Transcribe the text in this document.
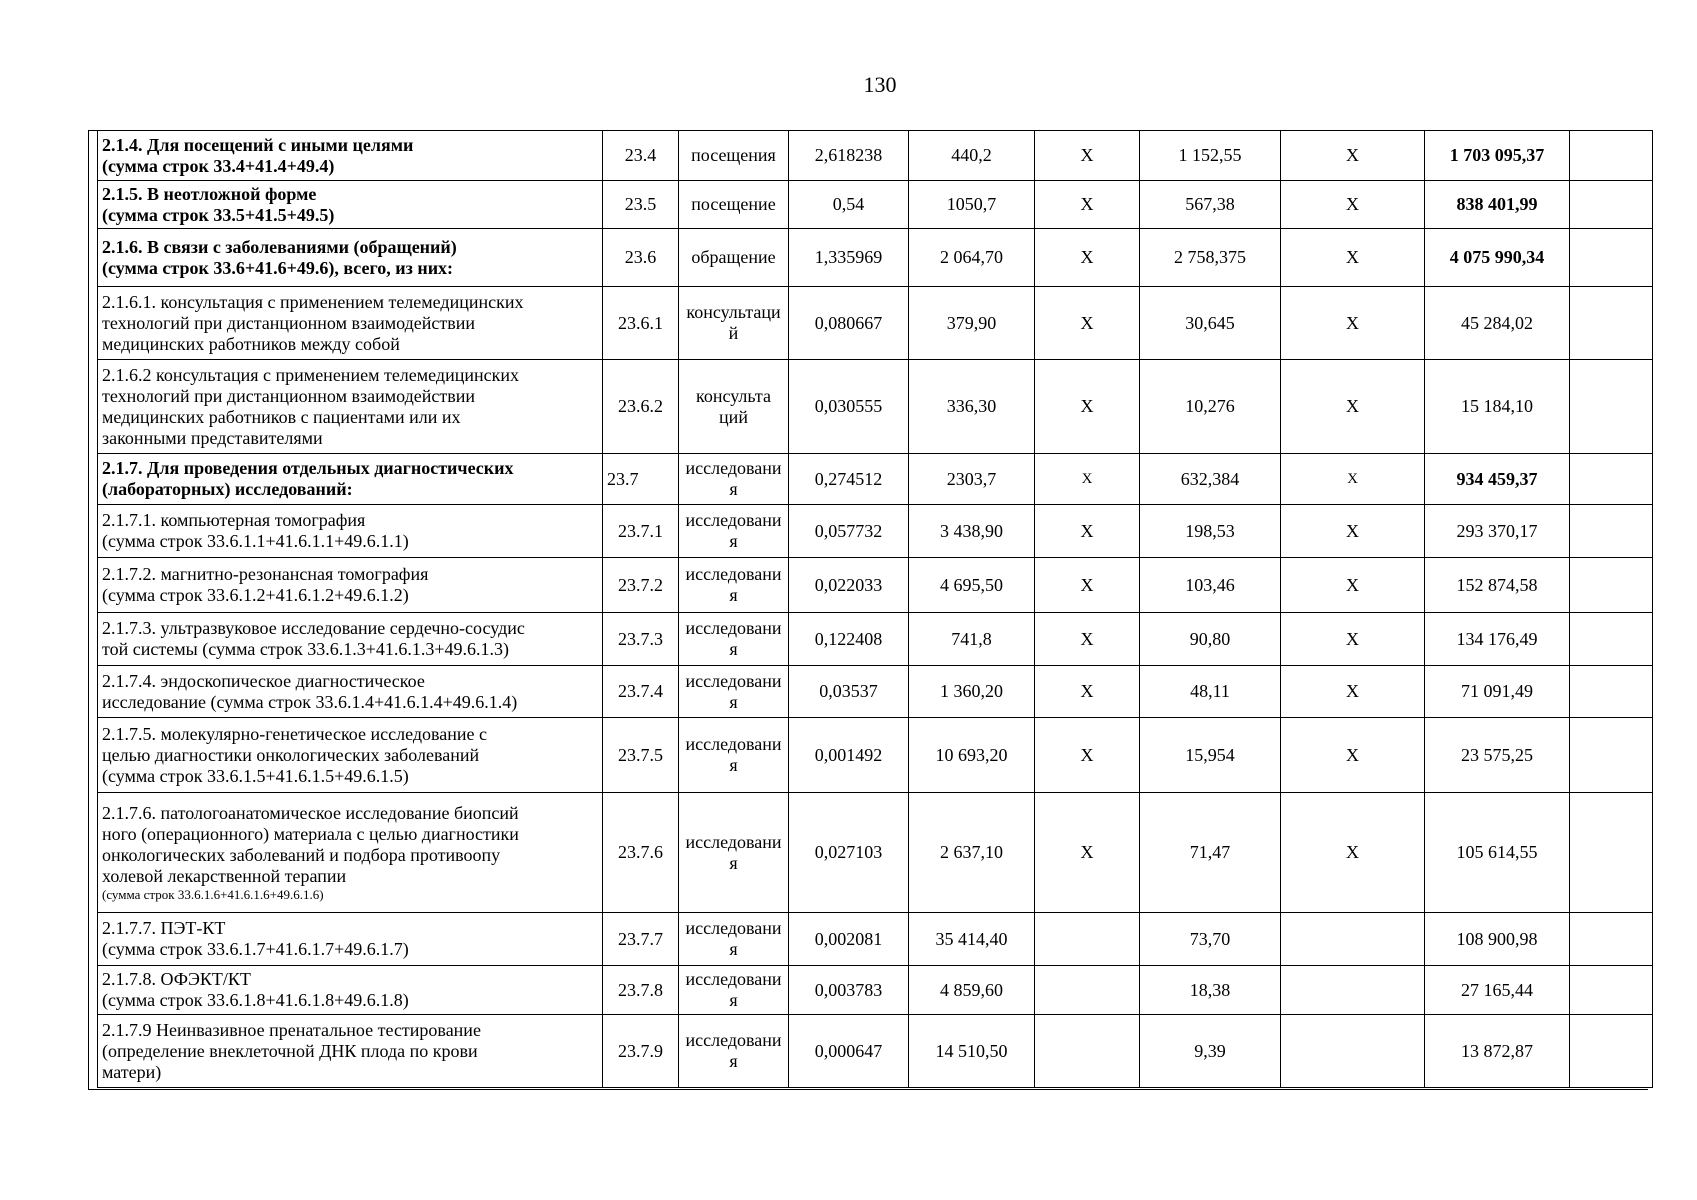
130
2.1.4. Для посещений с иными целями
(сумма строк 33.4+41.4+49.4)	23.4	посещения	2,618238	440,2	X	1 152,55	X	1 703 095,37	

2.1.5. В неотложной форме
(сумма строк 33.5+41.5+49.5)	23.5	посещение	0,54	1050,7	X	567,38	X	838 401,99	

2.1.6. В связи с заболеваниями (обращений)
(сумма строк 33.6+41.6+49.6), всего, из них:	23.6	обращение	1,335969	2 064,70	X	2 758,375	X	4 075 990,34	

2.1.6.1. консультация с применением телемедицинских
технологий при дистанционном взаимодействии
медицинских работников между собой	23.6.1	консультаци й	0,080667	379,90	X	30,645	X	45 284,02	

2.1.6.2 консультация с применением телемедицинских
технологий при дистанционном взаимодействии
медицинских работников с пациентами или их
законными представителями	23.6.2	консульта ций	0,030555	336,30	X	10,276	X	15 184,10	

2.1.7. Для проведения отдельных диагностических
(лабораторных) исследований:	23.7	исследовани я	0,274512	2303,7	X	632,384	X	934 459,37	

2.1.7.1. компьютерная томография
(сумма строк 33.6.1.1+41.6.1.1+49.6.1.1)	23.7.1	исследовани я	0,057732	3 438,90	X	198,53	X	293 370,17	

2.1.7.2. магнитно-резонансная томография
(сумма строк 33.6.1.2+41.6.1.2+49.6.1.2)	23.7.2	исследовани я	0,022033	4 695,50	X	103,46	X	152 874,58	

2.1.7.3. ультразвуковое исследование сердечно-сосудис
той системы (сумма строк 33.6.1.3+41.6.1.3+49.6.1.3)	23.7.3	исследовани я	0,122408	741,8	X	90,80	X	134 176,49	

2.1.7.4. эндоскопическое диагностическое
исследование (сумма строк 33.6.1.4+41.6.1.4+49.6.1.4)	23.7.4	исследовани я	0,03537	1 360,20	X	48,11	X	71 091,49	

2.1.7.5. молекулярно-генетическое исследование с
целью диагностики онкологических заболеваний
(сумма строк 33.6.1.5+41.6.1.5+49.6.1.5)	23.7.5	исследовани я	0,001492	10 693,20	X	15,954	X	23 575,25	

2.1.7.6. патологоанатомическое исследование биопсий
ного (операционного) материала с целью диагностики
онкологических заболеваний и подбора противоопу
холевой лекарственной терапии
(сумма строк 33.6.1.6+41.6.1.6+49.6.1.6)	23.7.6	исследовани я	0,027103	2 637,10	X	71,47	X	105 614,55	

2.1.7.7. ПЭТ-КТ
(сумма строк 33.6.1.7+41.6.1.7+49.6.1.7)	23.7.7	исследовани я	0,002081	35 414,40		73,70		108 900,98	

2.1.7.8. ОФЭКТ/КТ
(сумма строк 33.6.1.8+41.6.1.8+49.6.1.8)	23.7.8	исследовани я	0,003783	4 859,60		18,38		27 165,44	

2.1.7.9 Неинвазивное пренатальное тестирование
(определение внеклеточной ДНК плода по крови
матери)	23.7.9	исследовани я	0,000647	14 510,50		9,39		13 872,87	
